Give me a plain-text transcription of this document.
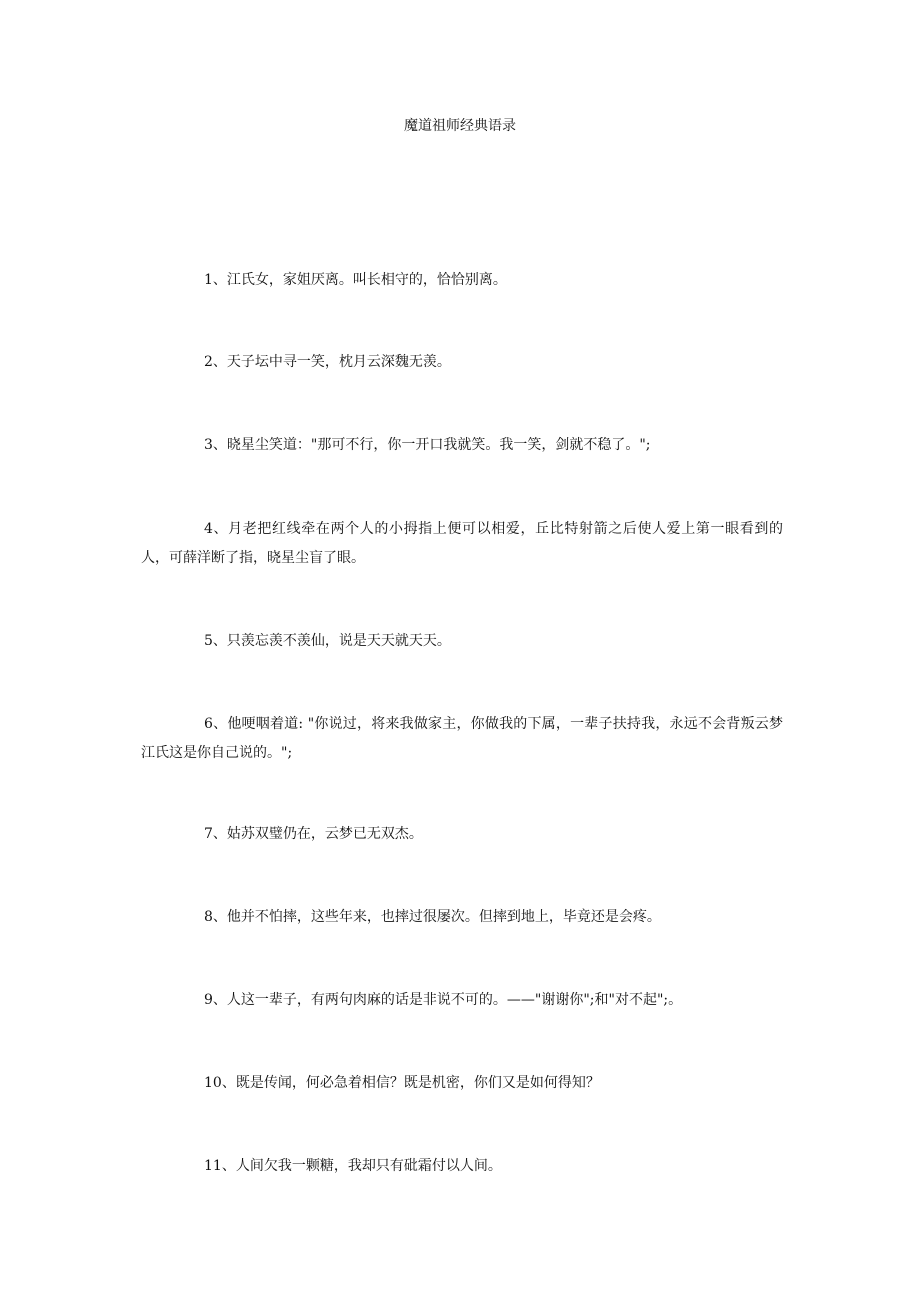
魔道祖师经典语录

1、江氏女，家姐厌离。叫长相守的，恰恰别离。

2、天子坛中寻一笑，枕月云深魏无羡。

3、晓星尘笑道："那可不行，你一开口我就笑。我一笑，剑就不稳了。";

4、月老把红线牵在两个人的小拇指上便可以相爱，丘比特射箭之后使人爱上第一眼看到的人，可薛洋断了指，晓星尘盲了眼。

5、只羡忘羡不羡仙，说是天天就天天。

6、他哽咽着道: "你说过，将来我做家主，你做我的下属，一辈子扶持我，永远不会背叛云梦江氏这是你自己说的。";

7、姑苏双璧仍在，云梦已无双杰。

8、他并不怕摔，这些年来，也摔过很屡次。但摔到地上，毕竟还是会疼。

9、人这一辈子，有两句肉麻的话是非说不可的。——"谢谢你";和"对不起";。

10、既是传闻，何必急着相信？既是机密，你们又是如何得知？

11、人间欠我一颗糖，我却只有砒霜付以人间。
